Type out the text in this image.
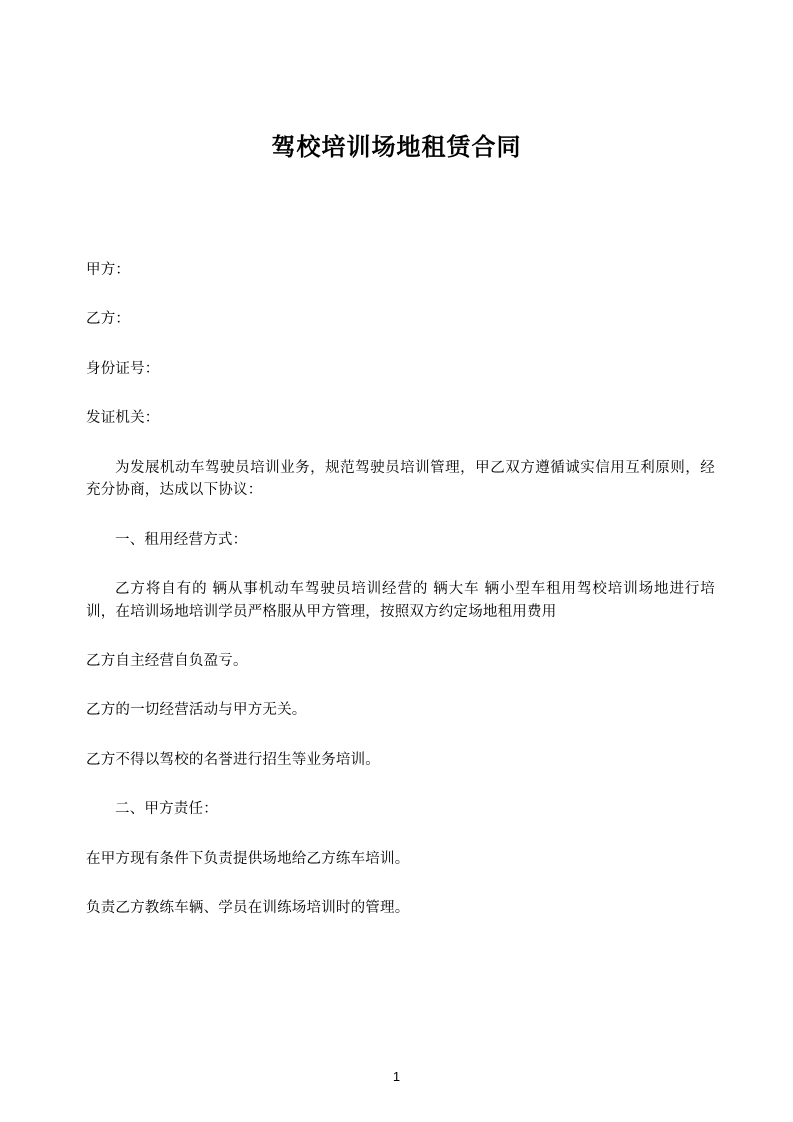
驾校培训场地租赁合同

甲方：

乙方：

身份证号：

发证机关：

为发展机动车驾驶员培训业务，规范驾驶员培训管理，甲乙双方遵循诚实信用互利原则，经充分协商，达成以下协议：

一、租用经营方式：

乙方将自有的 辆从事机动车驾驶员培训经营的 辆大车 辆小型车租用驾校培训场地进行培训，在培训场地培训学员严格服从甲方管理，按照双方约定场地租用费用

乙方自主经营自负盈亏。

乙方的一切经营活动与甲方无关。

乙方不得以驾校的名誉进行招生等业务培训。

二、甲方责任：

在甲方现有条件下负责提供场地给乙方练车培训。

负责乙方教练车辆、学员在训练场培训时的管理。

1
